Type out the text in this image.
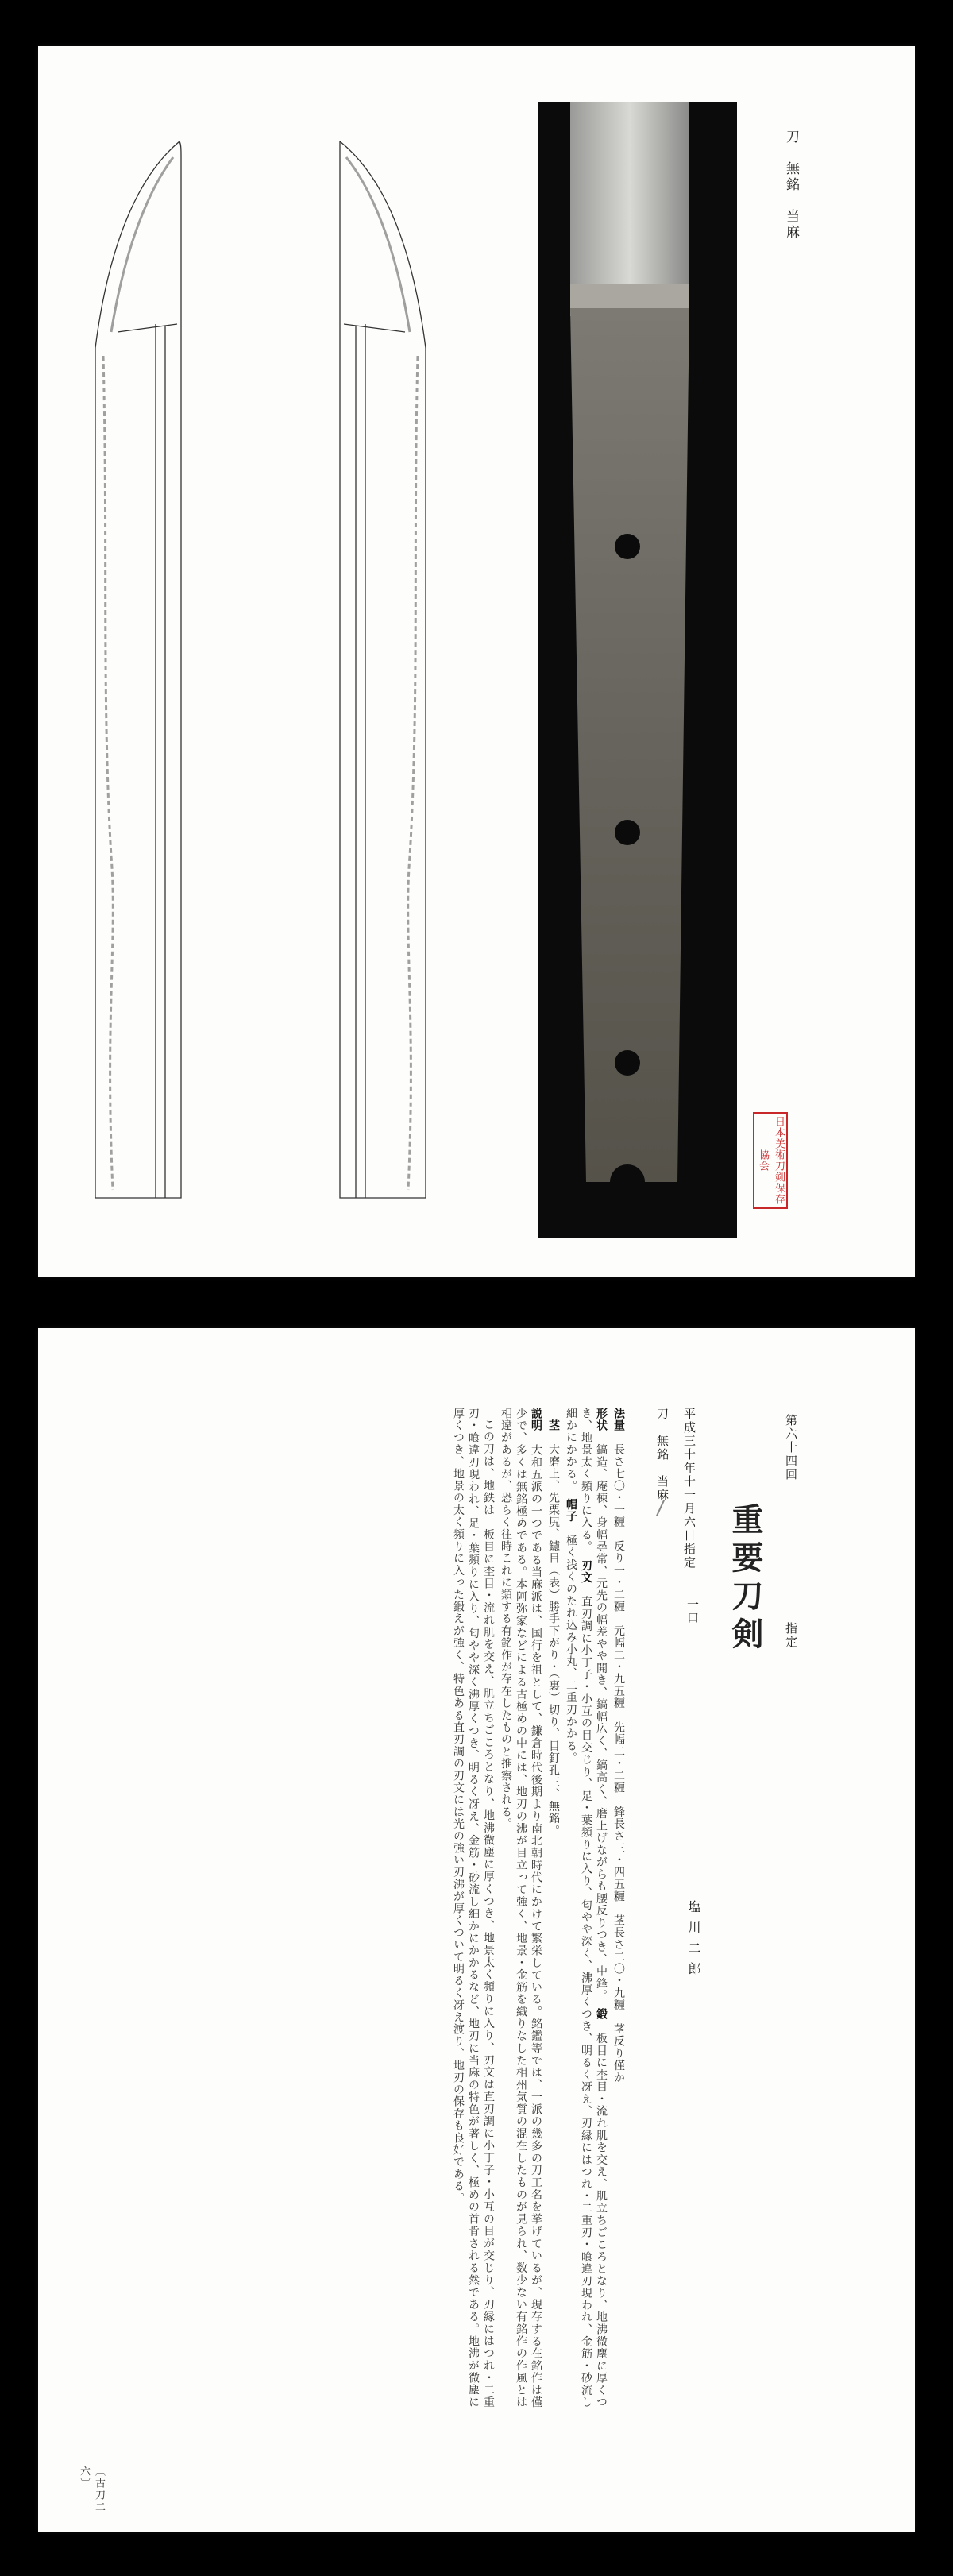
刀　無銘　当麻
日本美術刀剣保存協会
第六十四回
重要刀剣	指定
平成三十年十一月六日指定
一口
塩川二郎
刀　無銘　当麻

法量　長さ七〇・一糎　反り一・二糎　元幅二・九五糎　先幅二・二糎　鋒長さ三・四五糎　茎長さ二〇・九糎　茎反り僅か

形状　鎬造、庵棟、身幅尋常、元先の幅差やや開き、鎬幅広く、鎬高く、磨上げながらも腰反りつき、中鋒。　鍛　板目に杢目・流れ肌を交え、肌立ちごころとなり、地沸微塵に厚くつき、地景太く頻りに入る。　刃文　直刃調に小丁子・小互の目交じり、足・葉頻りに入り、匂やや深く、沸厚くつき、明るく冴え、刃縁にはつれ・二重刃・喰違刃現われ、金筋・砂流し細かにかかる。　帽子　極く浅くのたれ込み小丸、二重刃かかる。

　茎　大磨上、先栗尻、鑢目（表）勝手下がり・（裏）切り、目釘孔三、無銘。

説明　大和五派の一つである当麻派は、国行を祖として、鎌倉時代後期より南北朝時代にかけて繁栄している。銘鑑等では、一派の幾多の刀工名を挙げているが、現存する在銘作は僅少で、多くは無銘極めである。本阿弥家などによる古極めの中には、地刃の沸が目立って強く、地景・金筋を織りなした相州気質の混在したものが見られ、数少ない有銘作の作風とは相違があるが、恐らく往時これに類する有銘作が存在したものと推察される。

この刀は、地鉄は　板目に杢目・流れ肌を交え、肌立ちごころとなり、地沸微塵に厚くつき、地景太く頻りに入り、刃文は直刃調に小丁子・小互の目が交じり、刃縁にはつれ・二重刃・喰違刃現われ、足・葉頻りに入り、匂やや深く沸厚くつき、明るく冴え、金筋・砂流し細かにかかるなど、地刃に当麻の特色が著しく、極めの首肯される然である。地沸が微塵に厚くつき、地景の太く頻りに入った鍛えが強く、特色ある直刃調の刃文には光の強い刃沸が厚くついて明るく冴え渡り、地刃の保存も良好である。

〔古刀二六〕
